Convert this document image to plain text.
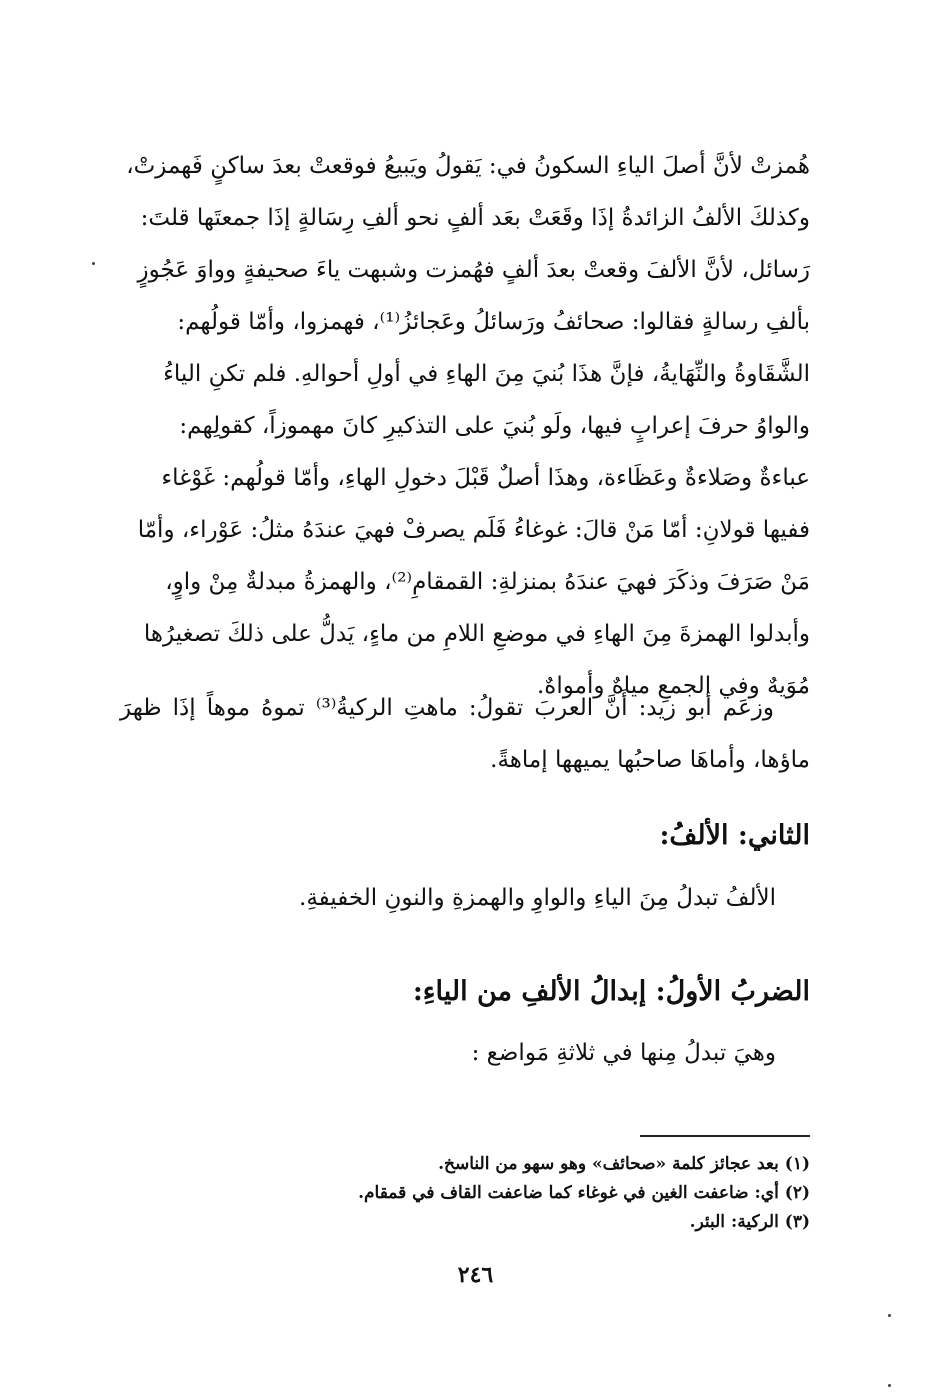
هُمزتْ لأنَّ أصلَ الياءِ السكونُ في: يَقولُ ويَبيعُ فوقعتْ بعدَ ساكنٍ فَهمزتْ،

وكذلكَ الألفُ الزائدةُ إذَا وقَعَتْ بعَد ألفٍ نحو ألفِ رِسَالةٍ إذَا جمعتَها قلتَ:

رَسائل، لأنَّ الألفَ وقعتْ بعدَ ألفٍ فهُمزت وشبهت ياءَ صحيفةٍ وواوَ عَجُوزٍ

بألفِ رسالةٍ فقالوا: صحائفُ ورَسائلُ وعَجائزُ⁽¹⁾، فهمزوا، وأمّا قولُهم:

الشَّقَاوةُ والنِّهَايةُ، فإنَّ هذَا بُنيَ مِنَ الهاءِ في أولِ أحوالهِ. فلم تكنِ الياءُ

والواوُ حرفَ إعرابٍ فيها، ولَو بُنيَ على التذكيرِ كانَ مهموزاً، كقولِهم:

عباءةٌ وصَلاءةٌ وعَظَاءة، وهذَا أصلٌ قَبْلَ دخولِ الهاءِ، وأمّا قولُهم: غَوْغاء

ففيها قولانِ: أمّا مَنْ قالَ: غوغاءُ فَلَم يصرفْ فهيَ عندَهُ مثلُ: عَوْراء، وأمّا

مَنْ صَرَفَ وذكَرَ فهيَ عندَهُ بمنزلةِ: القمقامِ⁽²⁾، والهمزةُ مبدلةٌ مِنْ واوٍ،

وأبدلوا الهمزةَ مِنَ الهاءِ في موضعِ اللامِ من ماءٍ، يَدلُّ على ذلكَ تصغيرُها

مُوَيهٌ وفي الجمعِ مياهٌ وأمواهٌ.

وزعَم أبو زيد: أَنَّ العربَ تقولُ: ماهتِ الركيةُ⁽³⁾ تموهُ موهاً إذَا ظهرَ ماؤها، وأماهَا صاحبُها يميهها إماهةً.

الثاني: الألفُ:

الألفُ تبدلُ مِنَ الياءِ والواوِ والهمزةِ والنونِ الخفيفةِ.

الضربُ الأولُ: إبدالُ الألفِ من الياءِ:

وهيَ تبدلُ مِنها في ثلاثةِ مَواضع :

(١) بعد عجائز كلمة «صحائف» وهو سهو من الناسخ.
(٢) أي: ضاعفت الغين في غوغاء كما ضاعفت القاف في قمقام.
(٣) الركية: البئر.
٢٤٦
